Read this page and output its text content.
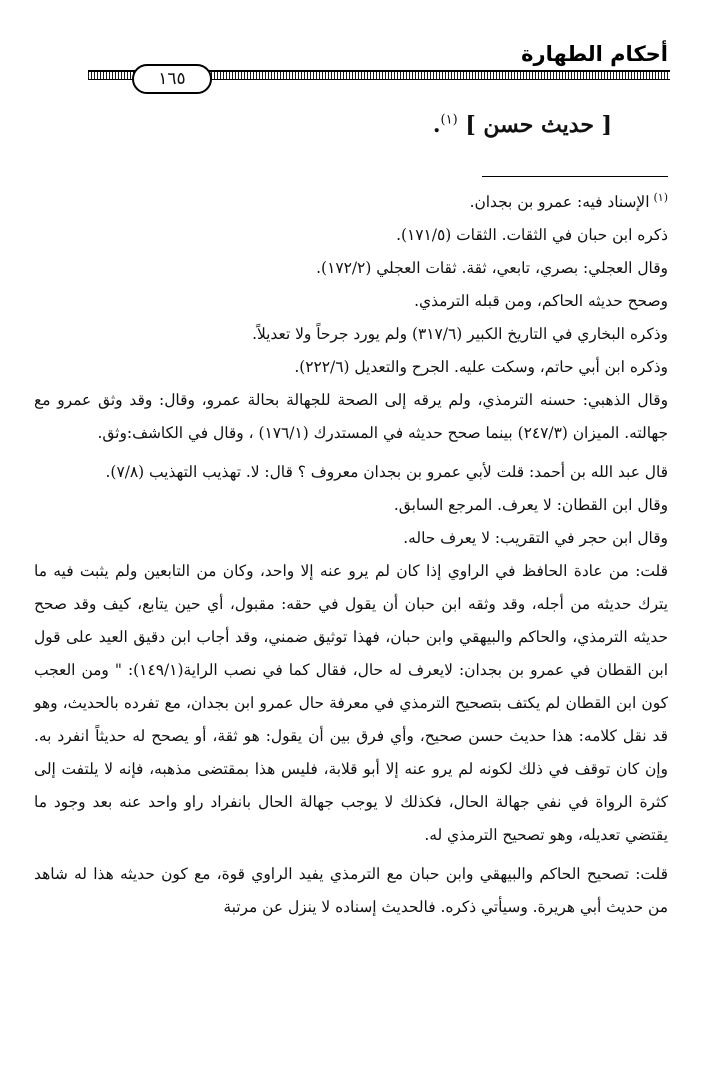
أحكام الطهارة
١٦٥

[ حديث حسن ] $^{(١)}$.

$^{(١)}$الإسناد فيه: عمرو بن بجدان.

ذكره ابن حبان في الثقات. الثقات (١٧١/٥).

وقال العجلي: بصري، تابعي، ثقة. ثقات العجلي (١٧٢/٢).

وصحح حديثه الحاكم، ومن قبله الترمذي.

وذكره البخاري في التاريخ الكبير (٣١٧/٦) ولم يورد جرحاً ولا تعديلاً.

وذكره ابن أبي حاتم، وسكت عليه. الجرح والتعديل (٢٢٢/٦).

وقال الذهبي: حسنه الترمذي، ولم يرقه إلى الصحة للجهالة بحالة عمرو، وقال: وقد وثق عمرو مع جهالته. الميزان (٢٤٧/٣) بينما صحح حديثه في المستدرك (١٧٦/١) ، وقال في الكاشف:وثق.

قال عبد الله بن أحمد: قلت لأبي عمرو بن بجدان معروف ؟ قال: لا. تهذيب التهذيب (٧/٨).

وقال ابن القطان: لا يعرف. المرجع السابق.

وقال ابن حجر في التقريب: لا يعرف حاله.

قلت: من عادة الحافظ في الراوي إذا كان لم يرو عنه إلا واحد، وكان من التابعين ولم يثبت فيه ما يترك حديثه من أجله، وقد وثقه ابن حبان أن يقول في حقه: مقبول، أي حين يتابع، كيف وقد صحح حديثه الترمذي، والحاكم والبيهقي وابن حبان، فهذا توثيق ضمني، وقد أجاب ابن دقيق العيد على قول ابن القطان في عمرو بن بجدان: لايعرف له حال، فقال كما في نصب الراية(١٤٩/١): " ومن العجب كون ابن القطان لم يكتف بتصحيح الترمذي في معرفة حال عمرو ابن بجدان، مع تفرده بالحديث، وهو قد نقل كلامه: هذا حديث حسن صحيح، وأي فرق بين أن يقول: هو ثقة، أو يصحح له حديثاً انفرد به. وإن كان توقف في ذلك لكونه لم يرو عنه إلا أبو قلابة، فليس هذا بمقتضى مذهبه، فإنه لا يلتفت إلى كثرة الرواة في نفي جهالة الحال، فكذلك لا يوجب جهالة الحال بانفراد راو واحد عنه بعد وجود ما يقتضي تعديله، وهو تصحيح الترمذي له.

قلت: تصحيح الحاكم والبيهقي وابن حبان مع الترمذي يفيد الراوي قوة، مع كون حديثه هذا له شاهد من حديث أبي هريرة. وسيأتي ذكره. فالحديث إسناده لا ينزل عن مرتبة
